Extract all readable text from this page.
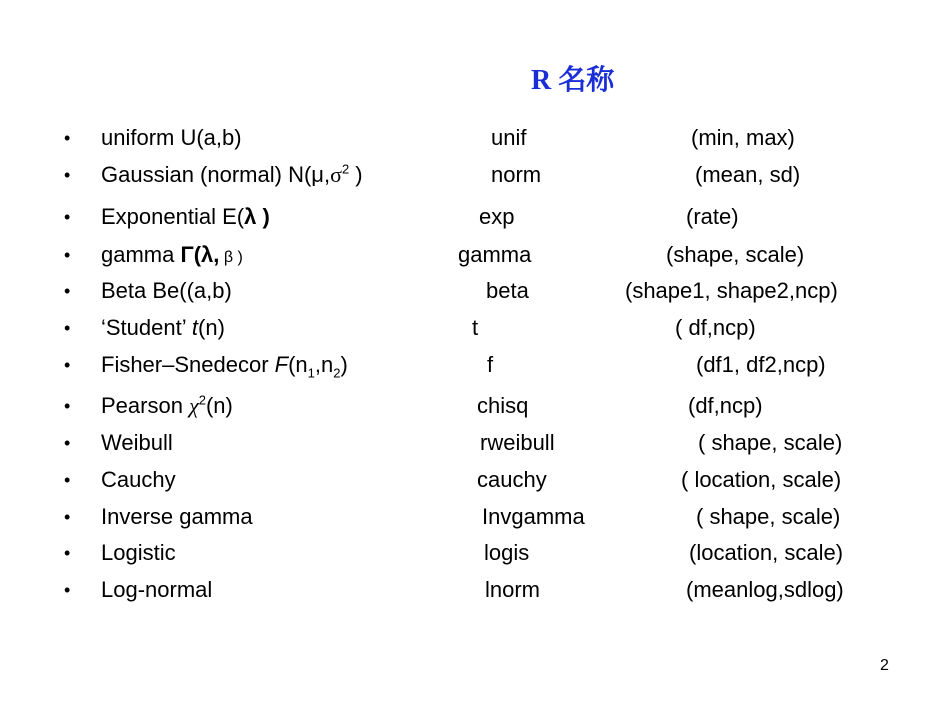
R 名称
• uniform U(a,b)	unif	(min, max)
• Gaussian (normal) $N(\mu,\sigma^2$ )	norm	(mean, sd)
• Exponential E(λ )	exp	(rate)
• gamma Γ(λ, β )	gamma	(shape, scale)
• Beta Be((a,b)	beta	(shape1, shape2,ncp)
• ‘Student’ t(n)	t	( df,ncp)
• Fisher–Snedecor $F(n_1,n_2)$	f	(df1, df2,ncp)
• Pearson $\chi^2(n)$	chisq	(df,ncp)
• Weibull	rweibull	( shape, scale)
• Cauchy	cauchy	( location, scale)
• Inverse gamma	Invgamma	( shape, scale)
• Logistic	logis	(location, scale)
• Log-normal	lnorm	(meanlog,sdlog)
2
